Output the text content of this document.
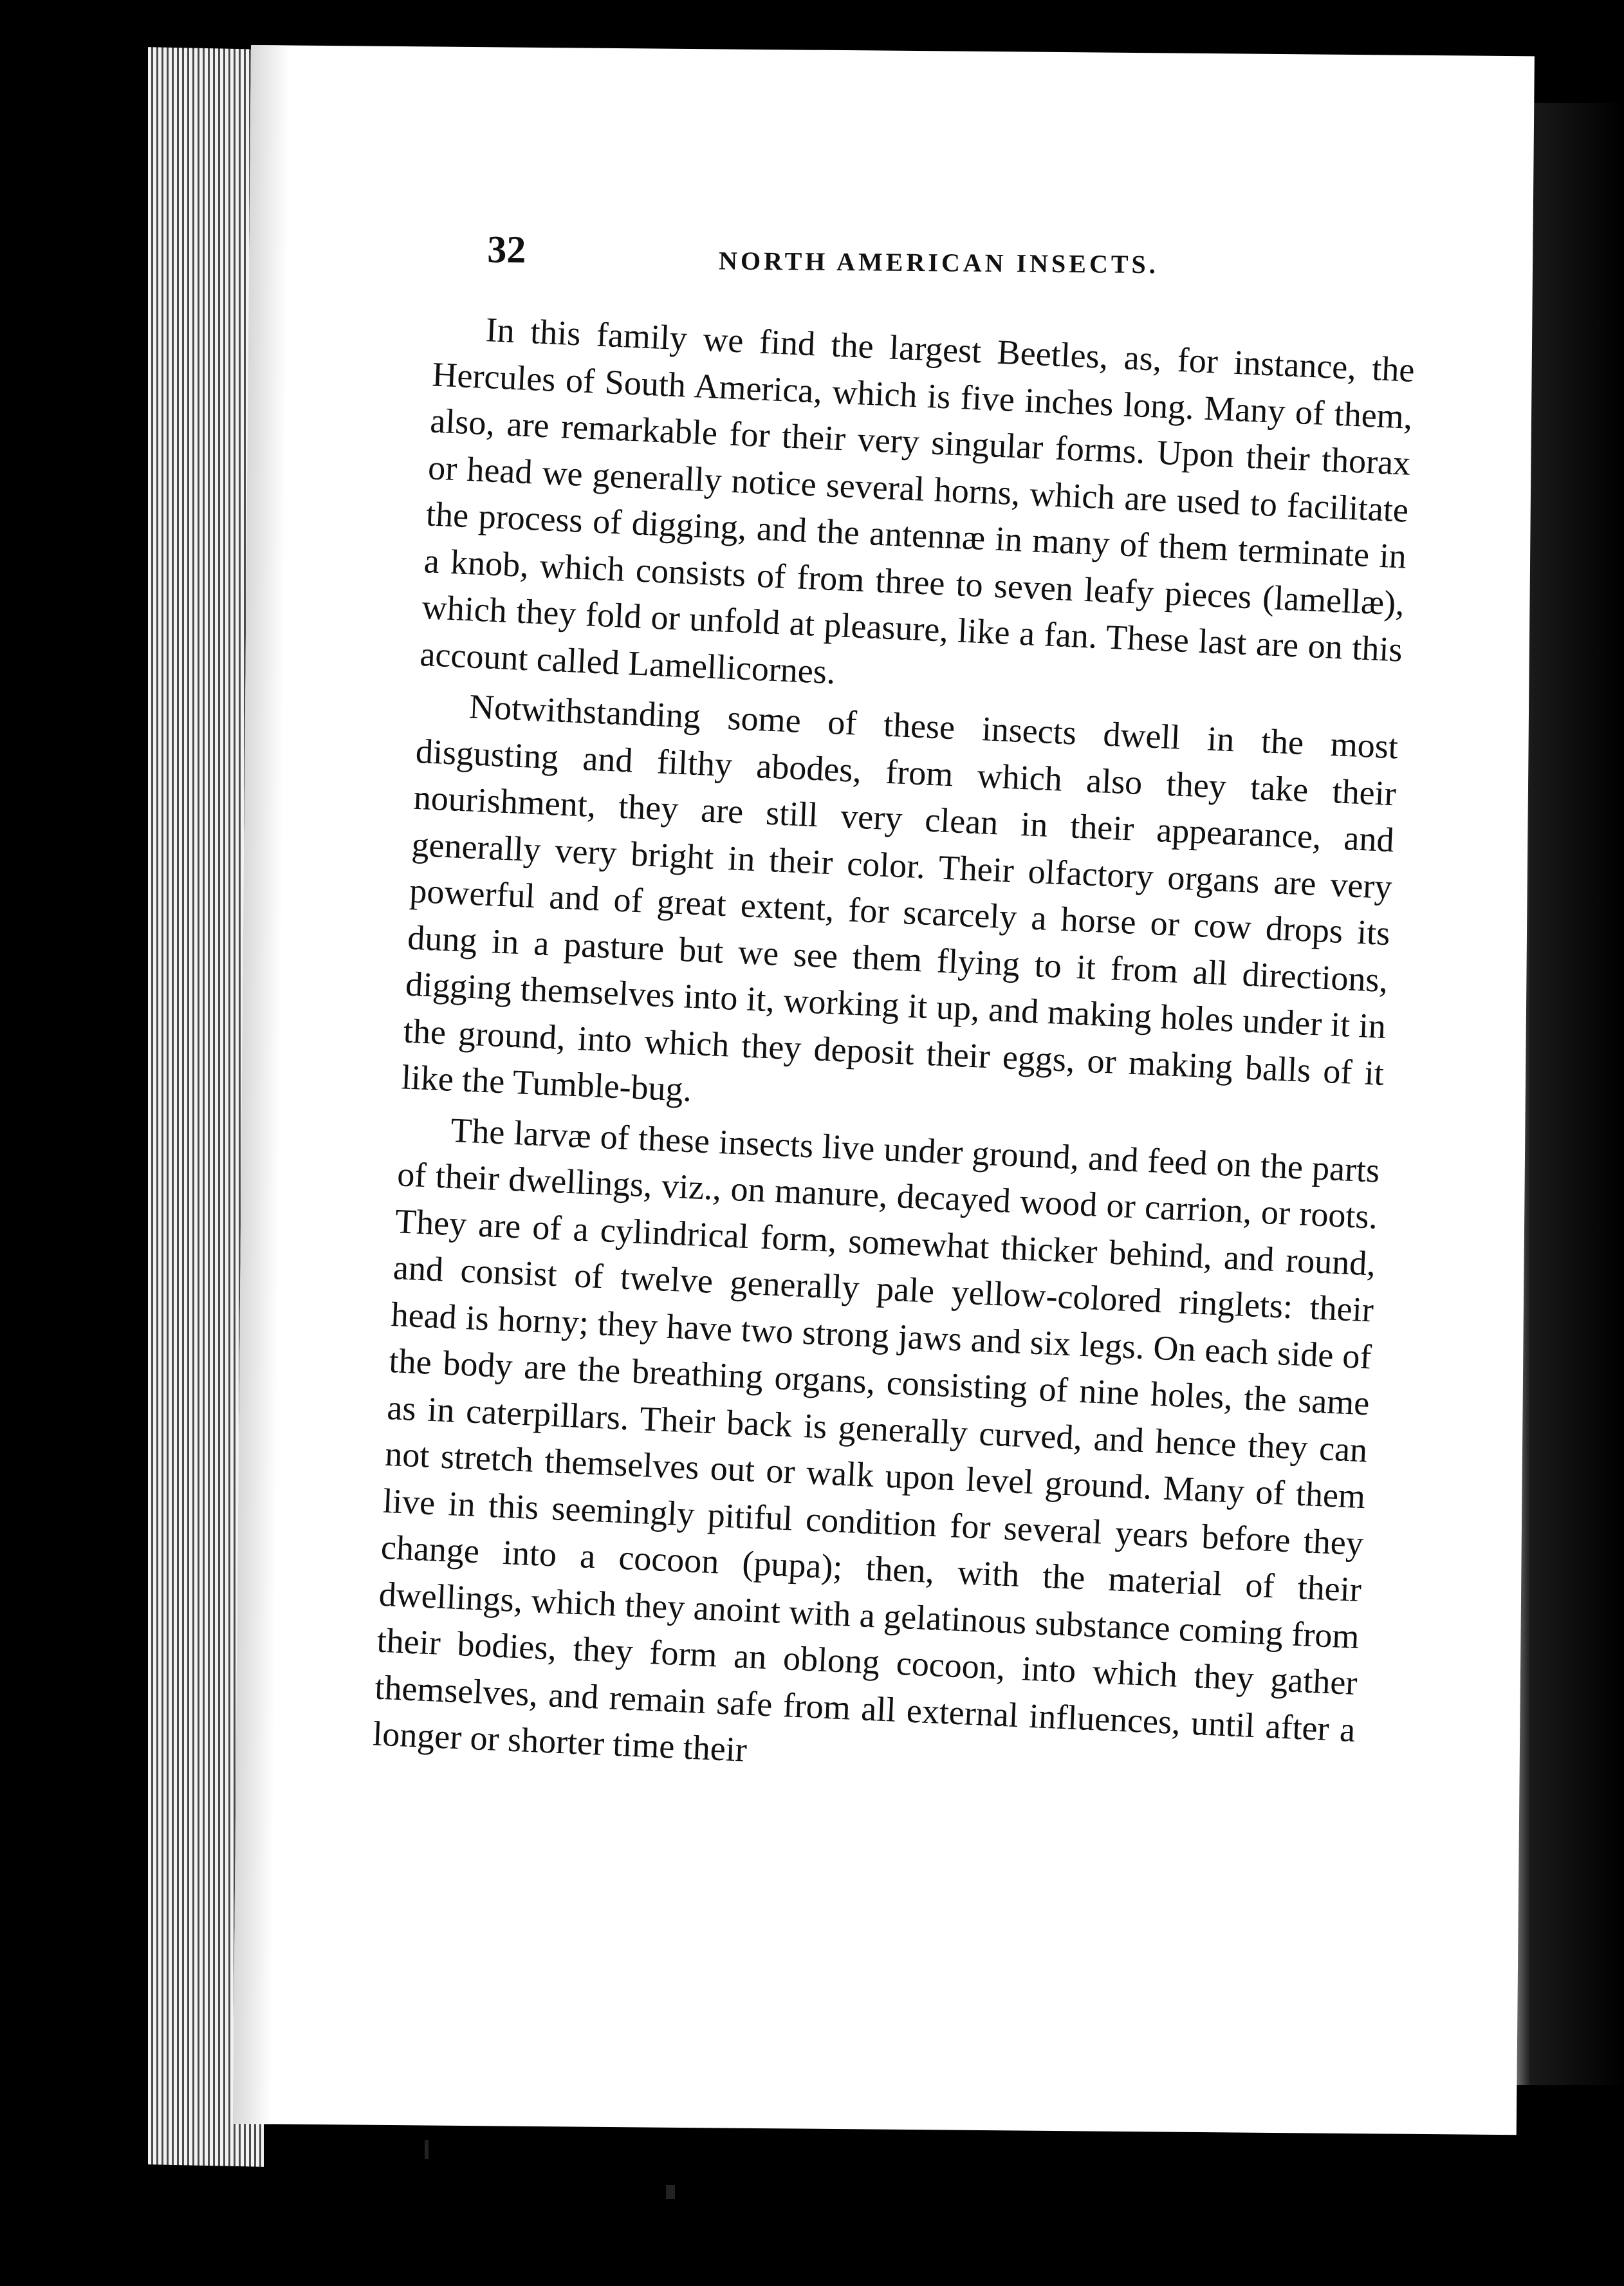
32	NORTH AMERICAN INSECTS.

In this family we find the largest Beetles, as, for instance, the Hercules of South America, which is five inches long. Many of them, also, are remarkable for their very singular forms. Upon their thorax or head we generally notice several horns, which are used to facilitate the process of digging, and the antennæ in many of them terminate in a knob, which consists of from three to seven leafy pieces (lamellæ), which they fold or unfold at pleasure, like a fan. These last are on this account called Lamellicornes.

Notwithstanding some of these insects dwell in the most disgusting and filthy abodes, from which also they take their nourishment, they are still very clean in their appearance, and generally very bright in their color. Their olfactory organs are very powerful and of great extent, for scarcely a horse or cow drops its dung in a pasture but we see them flying to it from all directions, digging themselves into it, working it up, and making holes under it in the ground, into which they deposit their eggs, or making balls of it like the Tumble-bug.

The larvæ of these insects live under ground, and feed on the parts of their dwellings, viz., on manure, decayed wood or carrion, or roots. They are of a cylindrical form, somewhat thicker behind, and round, and consist of twelve generally pale yellow-colored ringlets: their head is horny; they have two strong jaws and six legs. On each side of the body are the breathing organs, consisting of nine holes, the same as in caterpillars. Their back is generally curved, and hence they can not stretch themselves out or walk upon level ground. Many of them live in this seemingly pitiful condition for several years before they change into a cocoon (pupa); then, with the material of their dwellings, which they anoint with a gelatinous substance coming from their bodies, they form an oblong cocoon, into which they gather themselves, and remain safe from all external influences, until after a longer or shorter time their
